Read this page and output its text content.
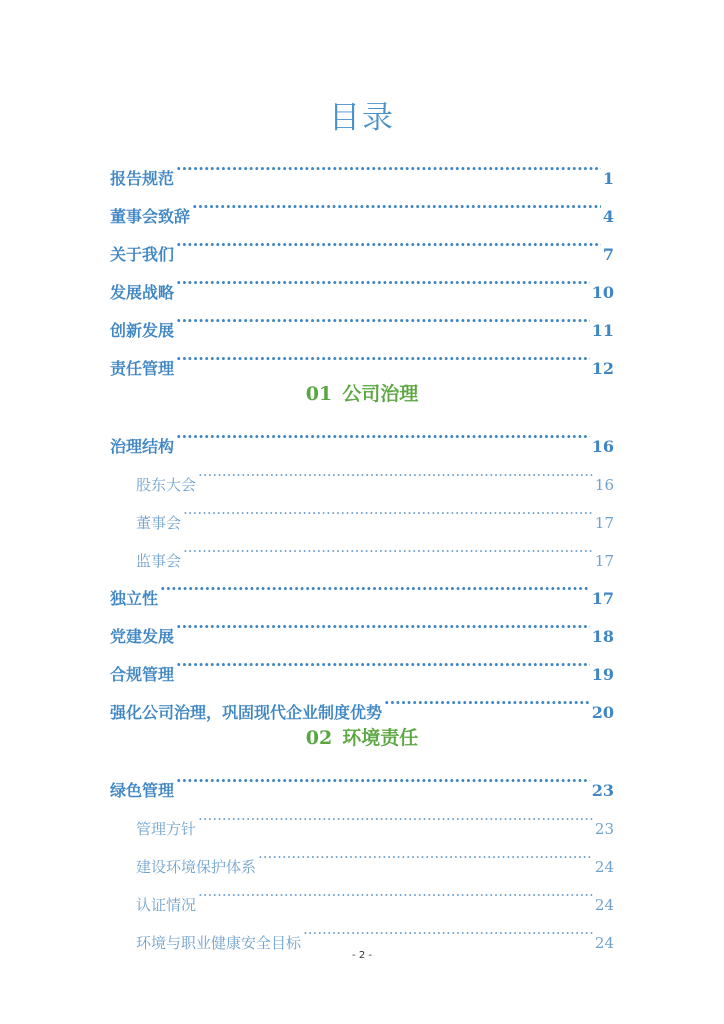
目录
报告规范 .....	1
董事会致辞 .....	4
关于我们 .....	7
发展战略 .....	10
创新发展 .....	11
责任管理 .....	12
01 公司治理
治理结构 .....	16
股东大会 .....	16
董事会 .....	17
监事会 .....	17
独立性 .....	17
党建发展 .....	18
合规管理 .....	19
强化公司治理，巩固现代企业制度优势 .....	20
02 环境责任
绿色管理 .....	23
管理方针 .....	23
建设环境保护体系 .....	24
认证情况 .....	24
环境与职业健康安全目标 .....	24
- 2 -
